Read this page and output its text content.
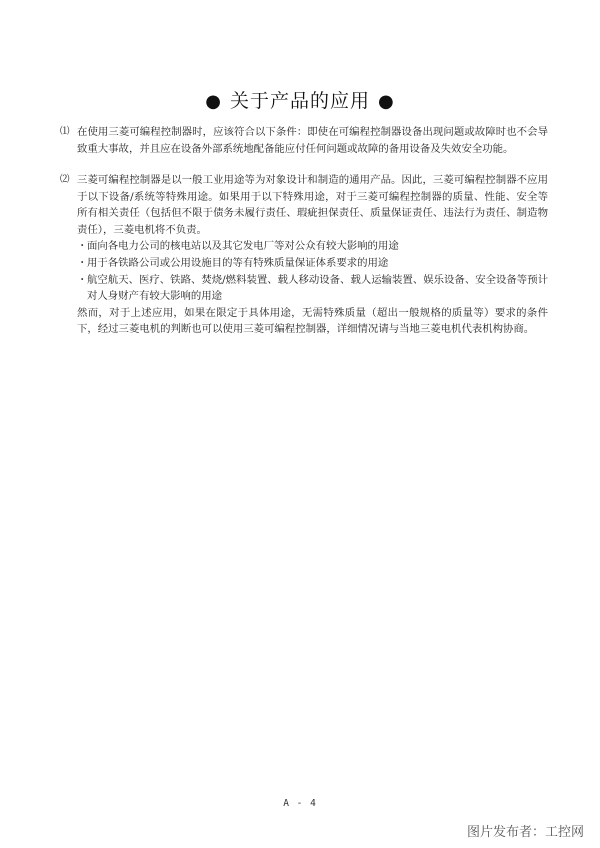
● 关于产品的应用 ●
⑴ 在使用三菱可编程控制器时，应该符合以下条件：即使在可编程控制器设备出现问题或故障时也不会导致重大事故，并且应在设备外部系统地配备能应付任何问题或故障的备用设备及失效安全功能。
⑵ 三菱可编程控制器是以一般工业用途等为对象设计和制造的通用产品。因此，三菱可编程控制器不应用于以下设备/系统等特殊用途。如果用于以下特殊用途，对于三菱可编程控制器的质量、性能、安全等所有相关责任（包括但不限于债务未履行责任、瑕疵担保责任、质量保证责任、违法行为责任、制造物责任），三菱电机将不负责。
・ 面向各电力公司的核电站以及其它发电厂等对公众有较大影响的用途
・ 用于各铁路公司或公用设施目的等有特殊质量保证体系要求的用途
・ 航空航天、医疗、铁路、焚烧/燃料装置、载人移动设备、载人运输装置、娱乐设备、安全设备等预计对人身财产有较大影响的用途
然而，对于上述应用，如果在限定于具体用途，无需特殊质量（超出一般规格的质量等）要求的条件下，经过三菱电机的判断也可以使用三菱可编程控制器，详细情况请与当地三菱电机代表机构协商。
A - 4
图片发布者：工控网
